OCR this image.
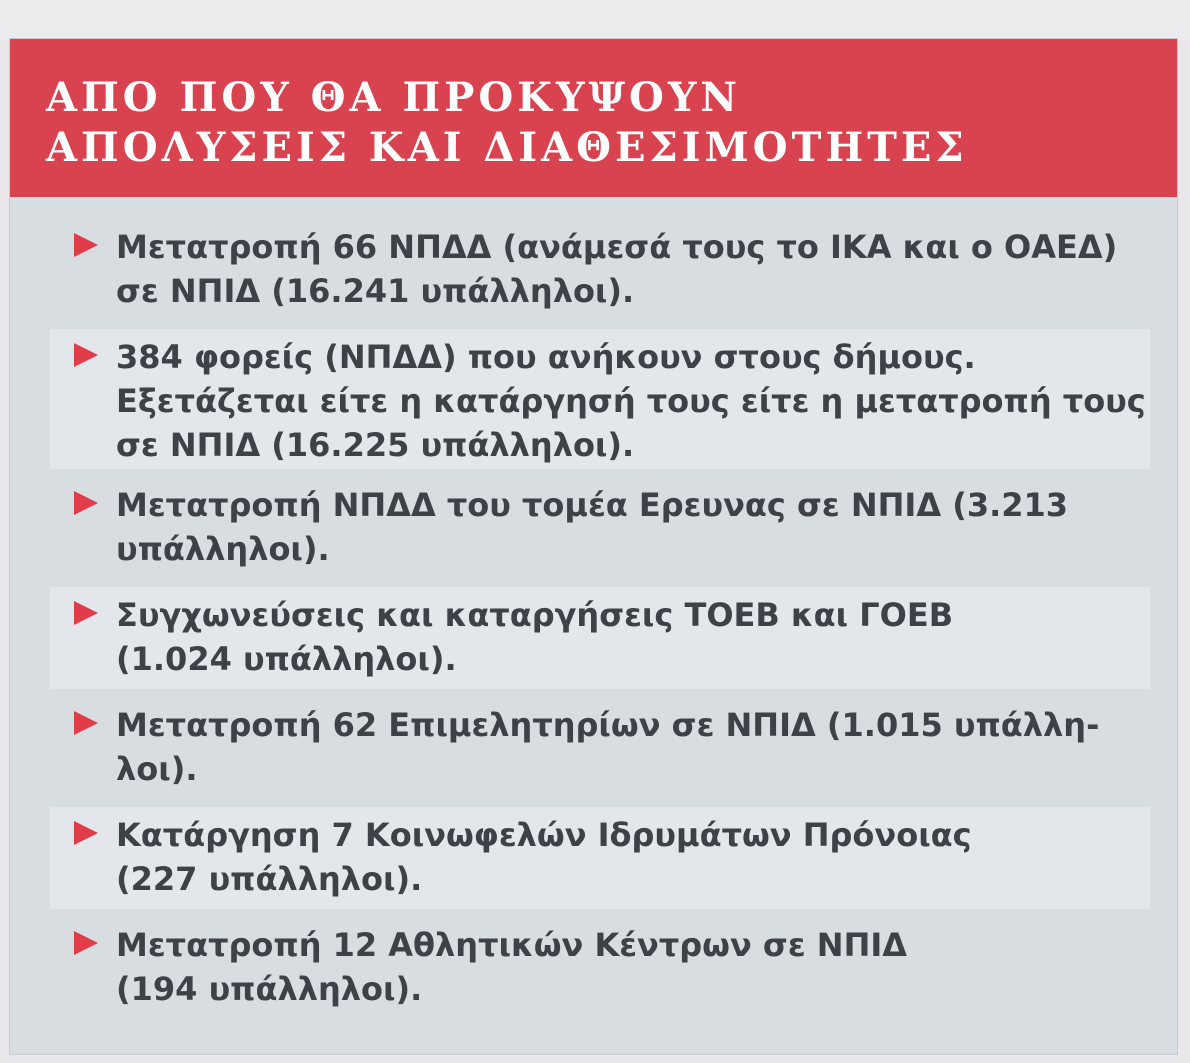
ΑΠΟ ΠΟΥ ΘΑ ΠΡΟΚΥΨΟΥΝ
ΑΠΟΛΥΣΕΙΣ ΚΑΙ ΔΙΑΘΕΣΙΜΟΤΗΤΕΣ
Μετατροπή 66 ΝΠΔΔ (ανάμεσά τους το ΙΚΑ και ο ΟΑΕΔ)
σε ΝΠΙΔ (16.241 υπάλληλοι).
384 φορείς (ΝΠΔΔ) που ανήκουν στους δήμους.
Εξετάζεται είτε η κατάργησή τους είτε η μετατροπή τους
σε ΝΠΙΔ (16.225 υπάλληλοι).
Μετατροπή ΝΠΔΔ του τομέα Ερευνας σε ΝΠΙΔ (3.213
υπάλληλοι).
Συγχωνεύσεις και καταργήσεις ΤΟΕΒ και ΓΟΕΒ
(1.024 υπάλληλοι).
Μετατροπή 62 Επιμελητηρίων σε ΝΠΙΔ (1.015 υπάλλη-
λοι).
Κατάργηση 7 Κοινωφελών Ιδρυμάτων Πρόνοιας
(227 υπάλληλοι).
Μετατροπή 12 Αθλητικών Κέντρων σε ΝΠΙΔ
(194 υπάλληλοι).
